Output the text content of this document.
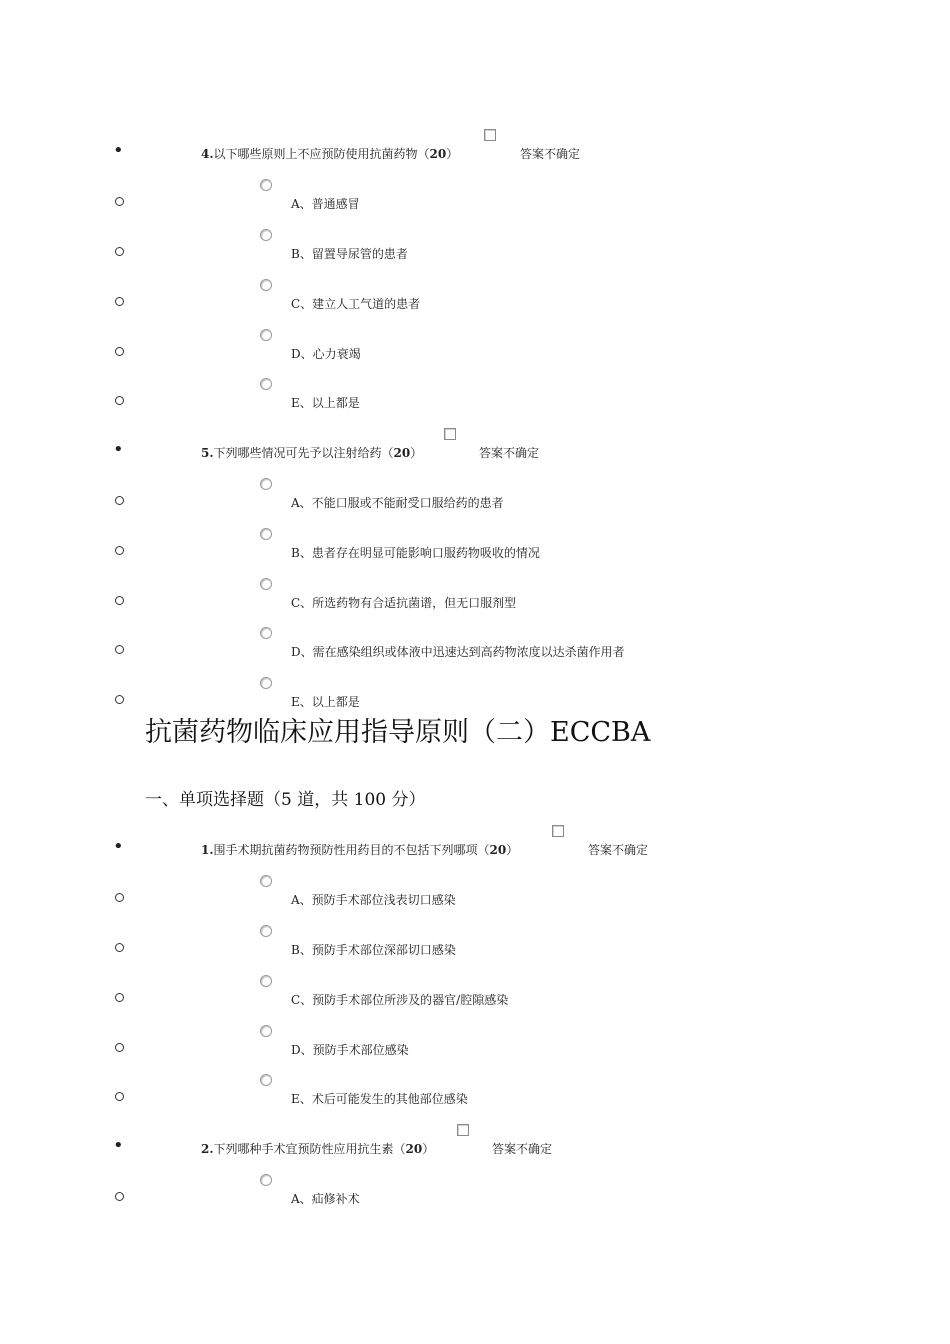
•	4.以下哪些原则上不应预防使用抗菌药物（20）	答案不确定
A、普通感冒
B、留置导尿管的患者
C、建立人工气道的患者
D、心力衰竭
E、以上都是
•	5.下列哪些情况可先予以注射给药（20）	答案不确定
A、不能口服或不能耐受口服给药的患者
B、患者存在明显可能影响口服药物吸收的情况
C、所选药物有合适抗菌谱，但无口服剂型
D、需在感染组织或体液中迅速达到高药物浓度以达杀菌作用者
E、以上都是
抗菌药物临床应用指导原则（二）ECCBA
一、单项选择题（5 道，共 100 分）
•	1.围手术期抗菌药物预防性用药目的不包括下列哪项（20）	答案不确定
A、预防手术部位浅表切口感染
B、预防手术部位深部切口感染
C、预防手术部位所涉及的器官/腔隙感染
D、预防手术部位感染
E、术后可能发生的其他部位感染
•	2.下列哪种手术宜预防性应用抗生素（20）	答案不确定
A、疝修补术
